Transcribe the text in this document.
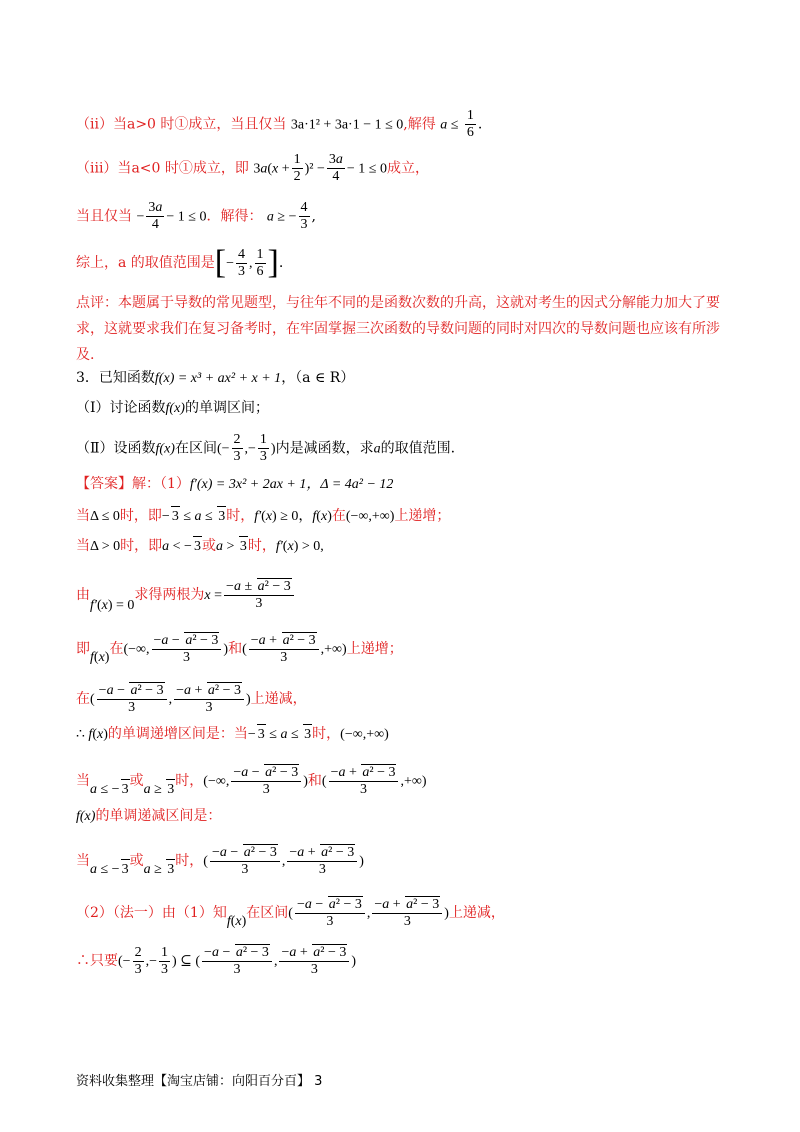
（ii）当a>0 时①成立，当且仅当 3a·1² + 3a·1 − 1 ≤ 0,解得 $a \le \frac{1}{6}$ .
（iii）当a<0 时①成立，即 $3a(x + \frac{1}{2} )^2 - \frac{3a}{4} - 1 \le 0$成立，
当且仅当 − $\frac{3a}{4} - 1 \le 0$．解得： a ≥ − $\frac{4}{3}$ ,
综上，a 的取值范围是[− $\frac{4}{3}$ , $\frac{1}{6}$ ].
点评：本题属于导数的常见题型，与往年不同的是函数次数的升高，这就对考生的因式分解能力加大了要求，这就要求我们在复习备考时，在牢固掌握三次函数的导数问题的同时对四次的导数问题也应该有所涉及.
3．已知函数f(x) = x³ + ax² + x + 1，（a ∈ R）
（Ⅰ）讨论函数f(x)的单调区间；
（Ⅱ）设函数f(x)在区间(− $\frac{2}{3}$ ,− $\frac{1}{3}$ )内是减函数，求a的取值范围.
【答案】解：（1）f′(x) = 3x² + 2ax + 1，Δ = 4a² − 12
当Δ ≤ 0时，即− 3 ≤ a ≤ 3时，f′(x) ≥ 0，f(x)在(−∞,+∞)上递增；
当Δ > 0时，即a < − 3或a > 3时，f′(x) > 0,
由f′(x) = 0求得两根为$x = \frac{\text{−a ± a² − 3}}{3}$
即f(x)在(−∞, $\frac{\text{−a − a² − 3}}{3}$ )和( $\frac{\text{−a + a² − 3}}{3}$ ,+∞)上递增；
在( $\frac{\text{−a − a² − 3}}{3}$ , $\frac{\text{−a + a² − 3}}{3}$ )上递减，
∴ f(x)的单调递增区间是：当− 3 ≤ a ≤ 3时，(−∞,+∞)
当a ≤ − 3或a ≥ 3时，(−∞, $\frac{\text{−a − a² − 3}}{3}$ )和( $\frac{\text{−a + a² − 3}}{3}$ ,+∞)
f(x)的单调递减区间是：
当a ≤ − 3或a ≥ 3时，( $\frac{\text{−a − a² − 3}}{3}$ , $\frac{\text{−a + a² − 3}}{3}$ )
（2）（法一）由（1）知f(x)在区间( $\frac{\text{−a − a² − 3}}{3}$ , $\frac{\text{−a + a² − 3}}{3}$ )上递减，
∴只要(− $\frac{2}{3}$ ,− $\frac{1}{3}$ ) ⊆ ( $\frac{\text{−a − a² − 3}}{3}$ , $\frac{\text{−a + a² − 3}}{3}$ )
资料收集整理【淘宝店铺：向阳百分百】 3
